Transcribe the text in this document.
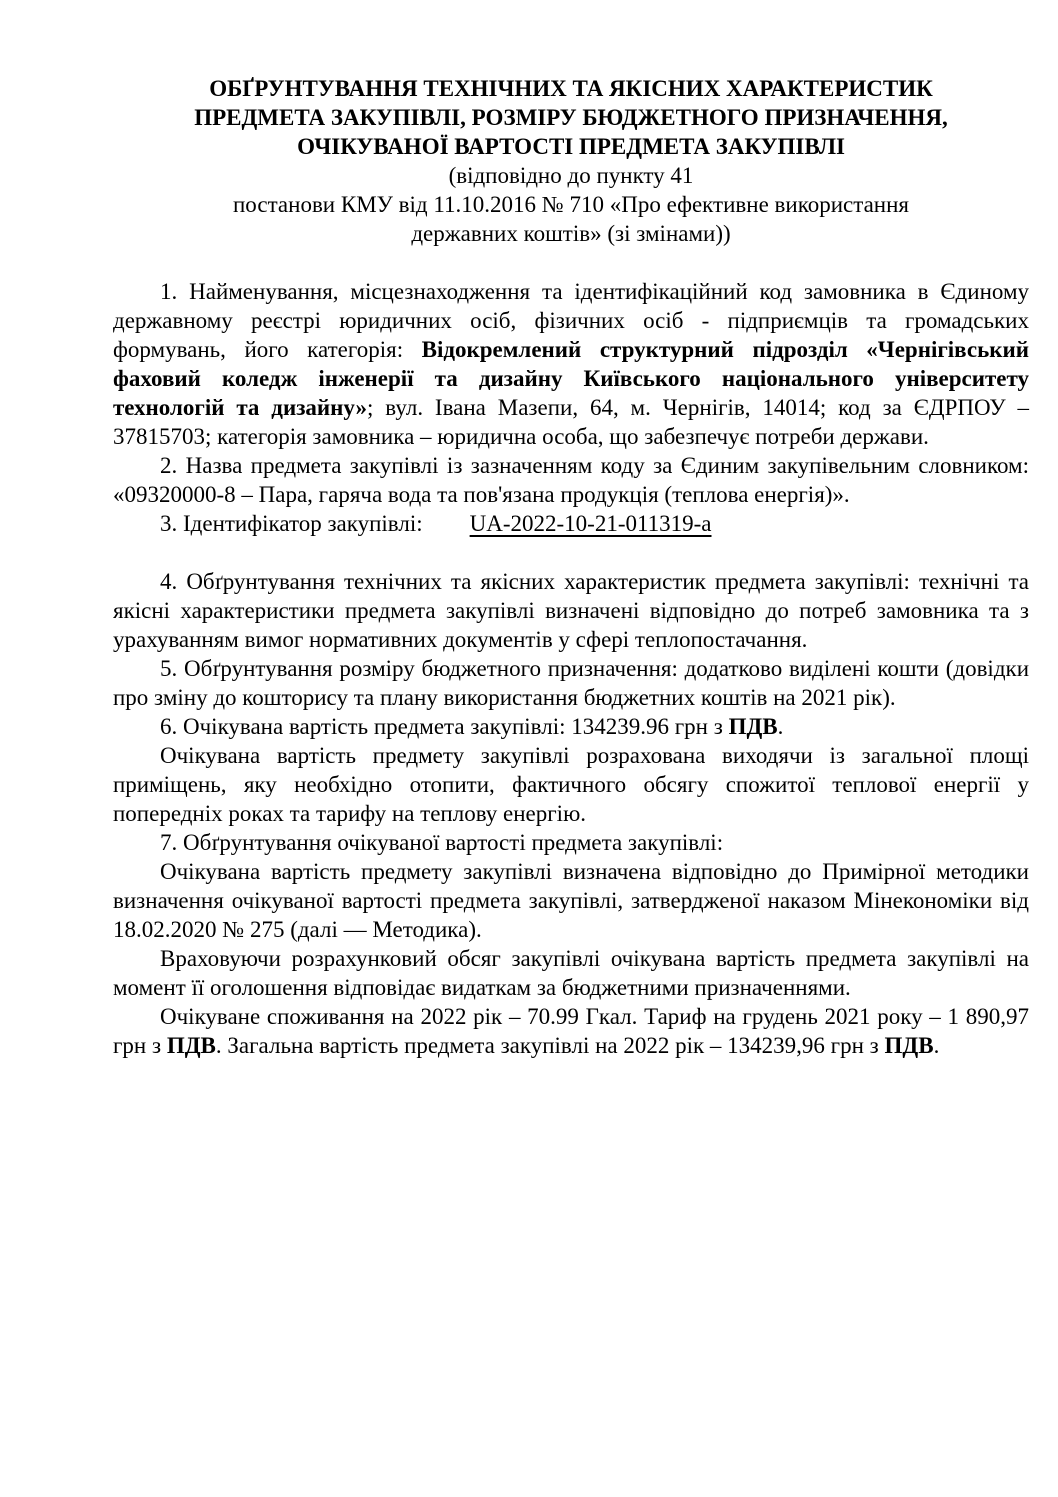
ОБҐРУНТУВАННЯ ТЕХНІЧНИХ ТА ЯКІСНИХ ХАРАКТЕРИСТИК
ПРЕДМЕТА ЗАКУПІВЛІ, РОЗМІРУ БЮДЖЕТНОГО ПРИЗНАЧЕННЯ,
ОЧІКУВАНОЇ ВАРТОСТІ ПРЕДМЕТА ЗАКУПІВЛІ
(відповідно до пункту 41
постанови КМУ від 11.10.2016 № 710 «Про ефективне використання
державних коштів» (зі змінами))

1. Найменування, місцезнаходження та ідентифікаційний код замовника в Єдиному державному реєстрі юридичних осіб, фізичних осіб - підприємців та громадських формувань, його категорія: Відокремлений структурний підрозділ «Чернігівський фаховий коледж інженерії та дизайну Київського національного університету технологій та дизайну»; вул. Івана Мазепи, 64, м. Чернігів, 14014; код за ЄДРПОУ – 37815703; категорія замовника – юридична особа, що забезпечує потреби держави.

2. Назва предмета закупівлі із зазначенням коду за Єдиним закупівельним словником: «09320000-8 – Пара, гаряча вода та пов'язана продукція (теплова енергія)».

3. Ідентифікатор закупівлі: UA-2022-10-21-011319-a

4. Обґрунтування технічних та якісних характеристик предмета закупівлі: технічні та якісні характеристики предмета закупівлі визначені відповідно до потреб замовника та з урахуванням вимог нормативних документів у сфері теплопостачання.

5. Обґрунтування розміру бюджетного призначення: додатково виділені кошти (довідки про зміну до кошторису та плану використання бюджетних коштів на 2021 рік).

6. Очікувана вартість предмета закупівлі: 134239.96 грн з ПДВ.

Очікувана вартість предмету закупівлі розрахована виходячи із загальної площі приміщень, яку необхідно отопити, фактичного обсягу спожитої теплової енергії у попередніх роках та тарифу на теплову енергію.

7. Обґрунтування очікуваної вартості предмета закупівлі:

Очікувана вартість предмету закупівлі визначена відповідно до Примірної методики визначення очікуваної вартості предмета закупівлі, затвердженої наказом Мінекономіки від 18.02.2020 № 275 (далі — Методика).

Враховуючи розрахунковий обсяг закупівлі очікувана вартість предмета закупівлі на момент її оголошення відповідає видаткам за бюджетними призначеннями.

Очікуване споживання на 2022 рік – 70.99 Гкал. Тариф на грудень 2021 року – 1 890,97 грн з ПДВ. Загальна вартість предмета закупівлі на 2022 рік – 134239,96 грн з ПДВ.
